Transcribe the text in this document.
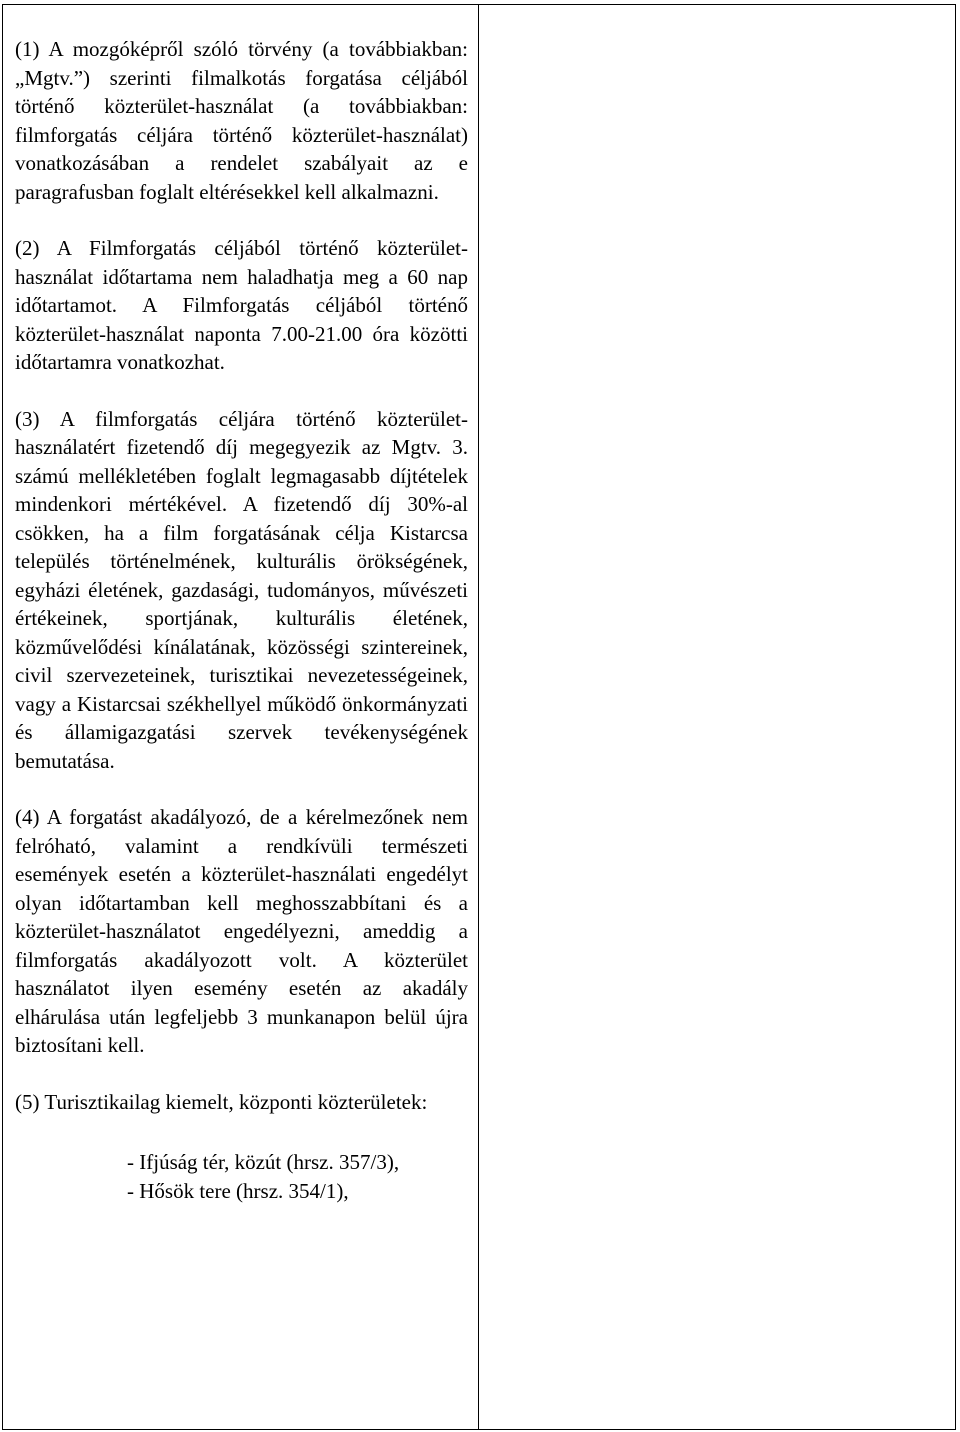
(1) A mozgóképről szóló törvény (a továbbiakban: „Mgtv.”) szerinti filmalkotás forgatása céljából történő közterület-használat (a továbbiakban: filmforgatás céljára történő közterület-használat) vonatkozásában a rendelet szabályait az e paragrafusban foglalt eltérésekkel kell alkalmazni.

(2) A Filmforgatás céljából történő közterület-használat időtartama nem haladhatja meg a 60 nap időtartamot. A Filmforgatás céljából történő közterület-használat naponta 7.00-21.00 óra közötti időtartamra vonatkozhat.

(3) A filmforgatás céljára történő közterület-használatért fizetendő díj megegyezik az Mgtv. 3. számú mellékletében foglalt legmagasabb díjtételek mindenkori mértékével. A fizetendő díj 30%-al csökken, ha a film forgatásának célja Kistarcsa település történelmének, kulturális örökségének, egyházi életének, gazdasági, tudományos, művészeti értékeinek, sportjának, kulturális életének, közművelődési kínálatának, közösségi szintereinek, civil szervezeteinek, turisztikai nevezetességeinek, vagy a Kistarcsai székhellyel működő önkormányzati és államigazgatási szervek tevékenységének bemutatása.

(4) A forgatást akadályozó, de a kérelmezőnek nem felróható, valamint a rendkívüli természeti események esetén a közterület-használati engedélyt olyan időtartamban kell meghosszabbítani és a közterület-használatot engedélyezni, ameddig a filmforgatás akadályozott volt. A közterület használatot ilyen esemény esetén az akadály elhárulása után legfeljebb 3 munkanapon belül újra biztosítani kell.

(5) Turisztikailag kiemelt, központi közterületek:

- Ifjúság tér, közút (hrsz. 357/3),
- Hősök tere (hrsz. 354/1),
